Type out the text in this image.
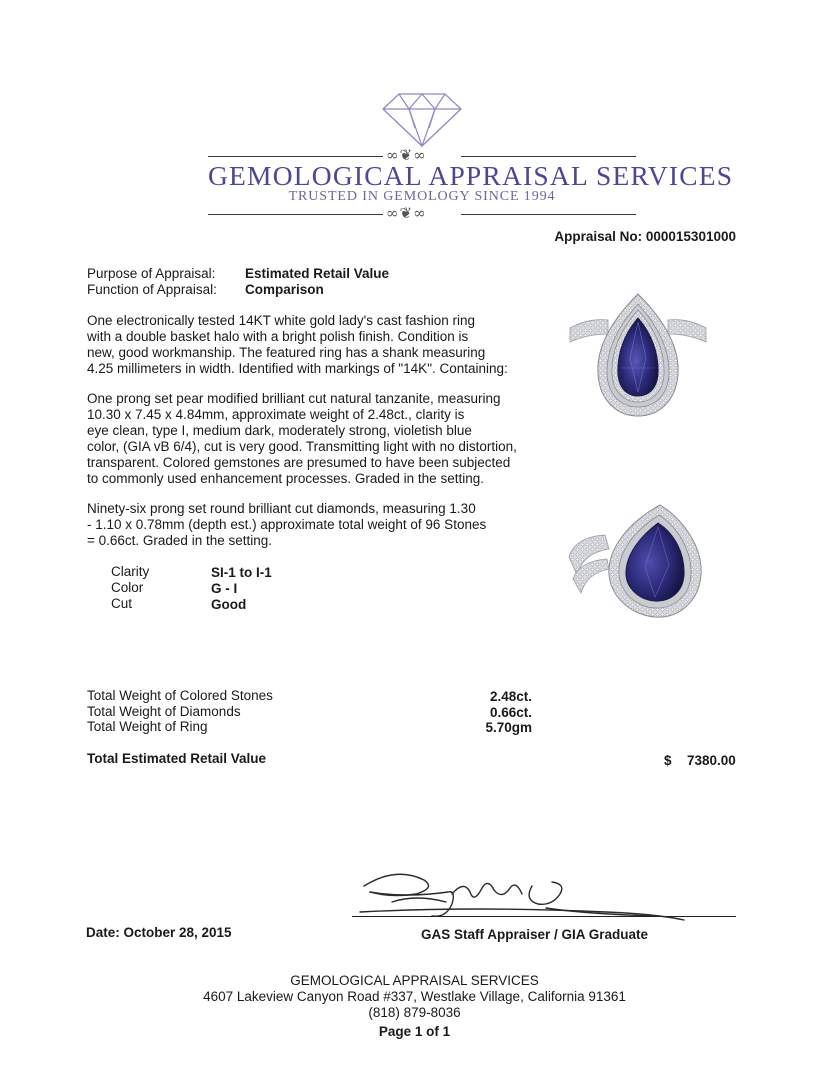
∞❦∞
GEMOLOGICAL APPRAISAL SERVICES
TRUSTED IN GEMOLOGY SINCE 1994
∞❦∞
Appraisal No: 000015301000
Purpose of Appraisal: Estimated Retail Value
Function of Appraisal: Comparison
One electronically tested 14KT white gold lady's cast fashion ring
with a double basket halo with a bright polish finish. Condition is
new, good workmanship. The featured ring has a shank measuring
4.25 millimeters in width. Identified with markings of "14K". Containing:
One prong set pear modified brilliant cut natural tanzanite, measuring
10.30 x 7.45 x 4.84mm, approximate weight of 2.48ct., clarity is
eye clean, type I, medium dark, moderately strong, violetish blue
color, (GIA vB 6/4), cut is very good. Transmitting light with no distortion,
transparent. Colored gemstones are presumed to have been subjected
to commonly used enhancement processes. Graded in the setting.
Ninety-six prong set round brilliant cut diamonds, measuring 1.30
- 1.10 x 0.78mm (depth est.) approximate total weight of 96 Stones
= 0.66ct. Graded in the setting.
Clarity	SI-1 to I-1
Color	G - I
Cut	Good
Total Weight of Colored Stones	2.48ct.
Total Weight of Diamonds	0.66ct.
Total Weight of Ring	5.70gm
Total Estimated Retail Value	$ 7380.00
Date: October 28, 2015	GAS Staff Appraiser / GIA Graduate
GEMOLOGICAL APPRAISAL SERVICES
4607 Lakeview Canyon Road #337, Westlake Village, California 91361
(818) 879-8036
Page 1 of 1
